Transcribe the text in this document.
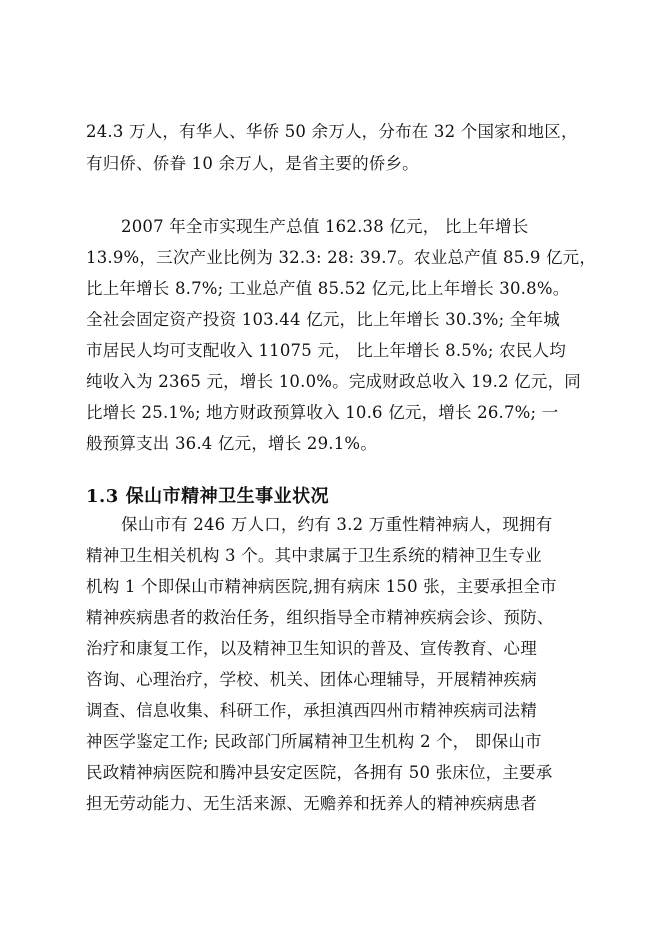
24.3 万人，有华人、华侨 50 余万人，分布在 32 个国家和地区，
有归侨、侨眷 10 余万人，是省主要的侨乡。
2007 年全市实现生产总值 162.38 亿元， 比上年增长
13.9%，三次产业比例为 32.3: 28: 39.7。农业总产值 85.9 亿元，
比上年增长 8.7%; 工业总产值 85.52 亿元,比上年增长 30.8%。
全社会固定资产投资 103.44 亿元，比上年增长 30.3%; 全年城
市居民人均可支配收入 11075 元， 比上年增长 8.5%; 农民人均
纯收入为 2365 元，增长 10.0%。完成财政总收入 19.2 亿元，同
比增长 25.1%; 地方财政预算收入 10.6 亿元，增长 26.7%; 一
般预算支出 36.4 亿元，增长 29.1%。
1.3 保山市精神卫生事业状况
保山市有 246 万人口，约有 3.2 万重性精神病人，现拥有
精神卫生相关机构 3 个。其中隶属于卫生系统的精神卫生专业
机构 1 个即保山市精神病医院,拥有病床 150 张，主要承担全市
精神疾病患者的救治任务，组织指导全市精神疾病会诊、预防、
治疗和康复工作，以及精神卫生知识的普及、宣传教育、心理
咨询、心理治疗，学校、机关、团体心理辅导，开展精神疾病
调查、信息收集、科研工作，承担滇西四州市精神疾病司法精
神医学鉴定工作; 民政部门所属精神卫生机构 2 个， 即保山市
民政精神病医院和腾冲县安定医院，各拥有 50 张床位，主要承
担无劳动能力、无生活来源、无赡养和抚养人的精神疾病患者
